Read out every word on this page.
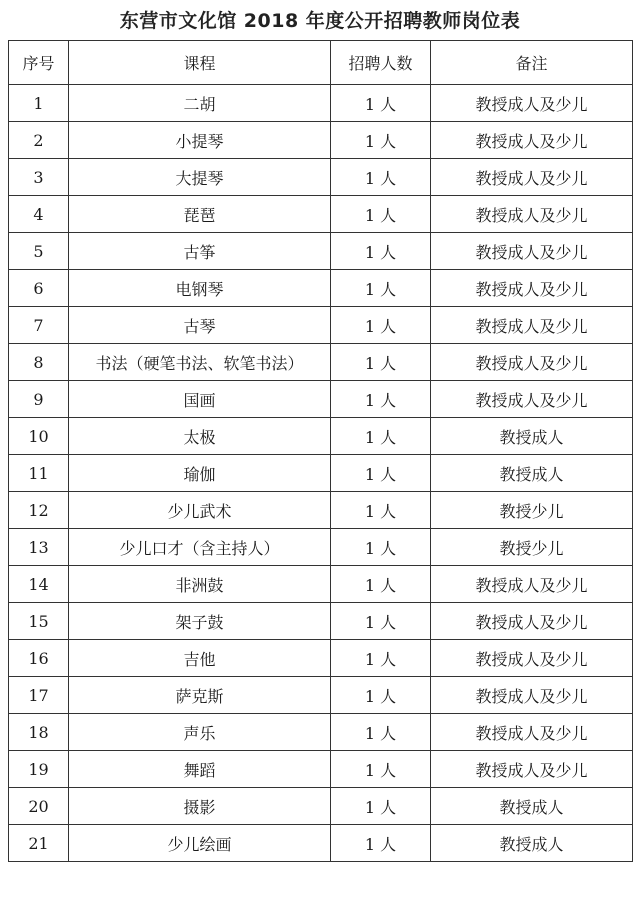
东营市文化馆 2018 年度公开招聘教师岗位表
序号	课程	招聘人数	备注
1	二胡	1 人	教授成人及少儿
2	小提琴	1 人	教授成人及少儿
3	大提琴	1 人	教授成人及少儿
4	琵琶	1 人	教授成人及少儿
5	古筝	1 人	教授成人及少儿
6	电钢琴	1 人	教授成人及少儿
7	古琴	1 人	教授成人及少儿
8	书法（硬笔书法、软笔书法）	1 人	教授成人及少儿
9	国画	1 人	教授成人及少儿
10	太极	1 人	教授成人
11	瑜伽	1 人	教授成人
12	少儿武术	1 人	教授少儿
13	少儿口才（含主持人）	1 人	教授少儿
14	非洲鼓	1 人	教授成人及少儿
15	架子鼓	1 人	教授成人及少儿
16	吉他	1 人	教授成人及少儿
17	萨克斯	1 人	教授成人及少儿
18	声乐	1 人	教授成人及少儿
19	舞蹈	1 人	教授成人及少儿
20	摄影	1 人	教授成人
21	少儿绘画	1 人	教授成人
